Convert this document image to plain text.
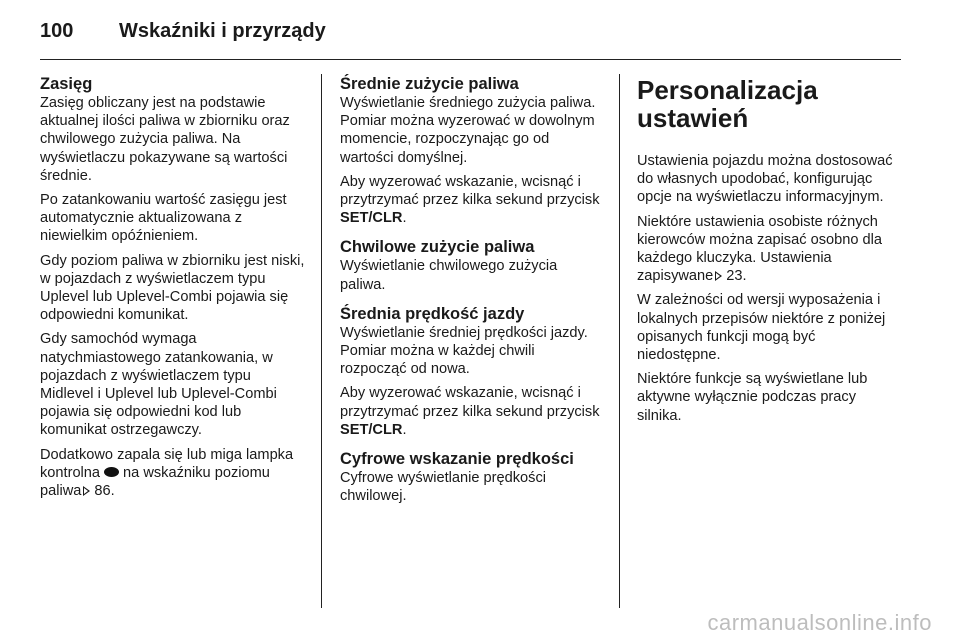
100 Wskaźniki i przyrządy
Zasięg

Zasięg obliczany jest na podstawie aktualnej ilości paliwa w zbiorniku oraz chwilowego zużycia paliwa. Na wyświetlaczu pokazywane są wartości średnie.

Po zatankowaniu wartość zasięgu jest automatycznie aktualizowana z niewielkim opóźnieniem.

Gdy poziom paliwa w zbiorniku jest niski, w pojazdach z wyświetlaczem typu Uplevel lub Uplevel-Combi pojawia się odpowiedni komunikat.

Gdy samochód wymaga natychmiastowego zatankowania, w pojazdach z wyświetlaczem typu Midlevel i Uplevel lub Uplevel-Combi pojawia się odpowiedni kod lub komunikat ostrzegawczy.

Dodatkowo zapala się lub miga lampka kontrolna na wskaźniku poziomu paliwa 86.

Średnie zużycie paliwa

Wyświetlanie średniego zużycia paliwa. Pomiar można wyzerować w dowolnym momencie, rozpoczynając go od wartości domyślnej.

Aby wyzerować wskazanie, wcisnąć i przytrzymać przez kilka sekund przycisk SET/CLR.

Chwilowe zużycie paliwa

Wyświetlanie chwilowego zużycia paliwa.

Średnia prędkość jazdy

Wyświetlanie średniej prędkości jazdy. Pomiar można w każdej chwili rozpocząć od nowa.

Aby wyzerować wskazanie, wcisnąć i przytrzymać przez kilka sekund przycisk SET/CLR.

Cyfrowe wskazanie prędkości

Cyfrowe wyświetlanie prędkości chwilowej.

Personalizacja ustawień

Ustawienia pojazdu można dostosować do własnych upodobać, konfigurując opcje na wyświetlaczu informacyjnym.

Niektóre ustawienia osobiste różnych kierowców można zapisać osobno dla każdego kluczyka. Ustawienia zapisywane 23.

W zależności od wersji wyposażenia i lokalnych przepisów niektóre z poniżej opisanych funkcji mogą być niedostępne.

Niektóre funkcje są wyświetlane lub aktywne wyłącznie podczas pracy silnika.

carmanualsonline.info
